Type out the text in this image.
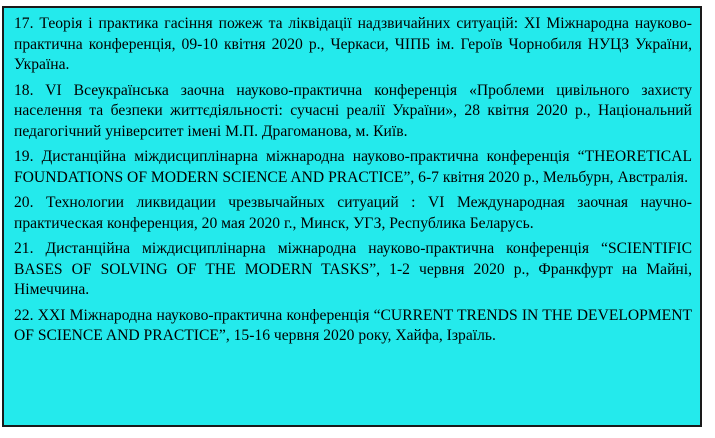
17. Теорія і практика гасіння пожеж та ліквідації надзвичайних ситуацій: XI Міжнародна науково-практична конференція, 09-10 квітня 2020 р., Черкаси, ЧІПБ ім. Героїв Чорнобиля НУЦЗ України, Україна.

18. VI Всеукраїнська заочна науково-практична конференція «Проблеми цивільного захисту населення та безпеки життєдіяльності: сучасні реалії України», 28 квітня 2020 р., Національний педагогічний університет імені М.П. Драгоманова, м. Київ.

19. Дистанційна міждисциплінарна міжнародна науково-практична конференція “THEORETICAL FOUNDATIONS OF MODERN SCIENCE AND PRACTICE”, 6-7 квітня 2020 р., Мельбурн, Австралія.

20. Технологии ликвидации чрезвычайных ситуаций : VI Международная заочная научно-практическая конференция, 20 мая 2020 г., Минск, УГЗ, Республика Беларусь.

21. Дистанційна міждисциплінарна міжнародна науково-практична конференція “SCIENTIFIC BASES OF SOLVING OF THE MODERN TASKS”, 1-2 червня 2020 р., Франкфурт на Майні, Німеччина.

22. XXI Міжнародна науково-практична конференція “CURRENT TRENDS IN THE DEVELOPMENT OF SCIENCE AND PRACTICE”, 15-16 червня 2020 року, Хайфа, Ізраїль.
